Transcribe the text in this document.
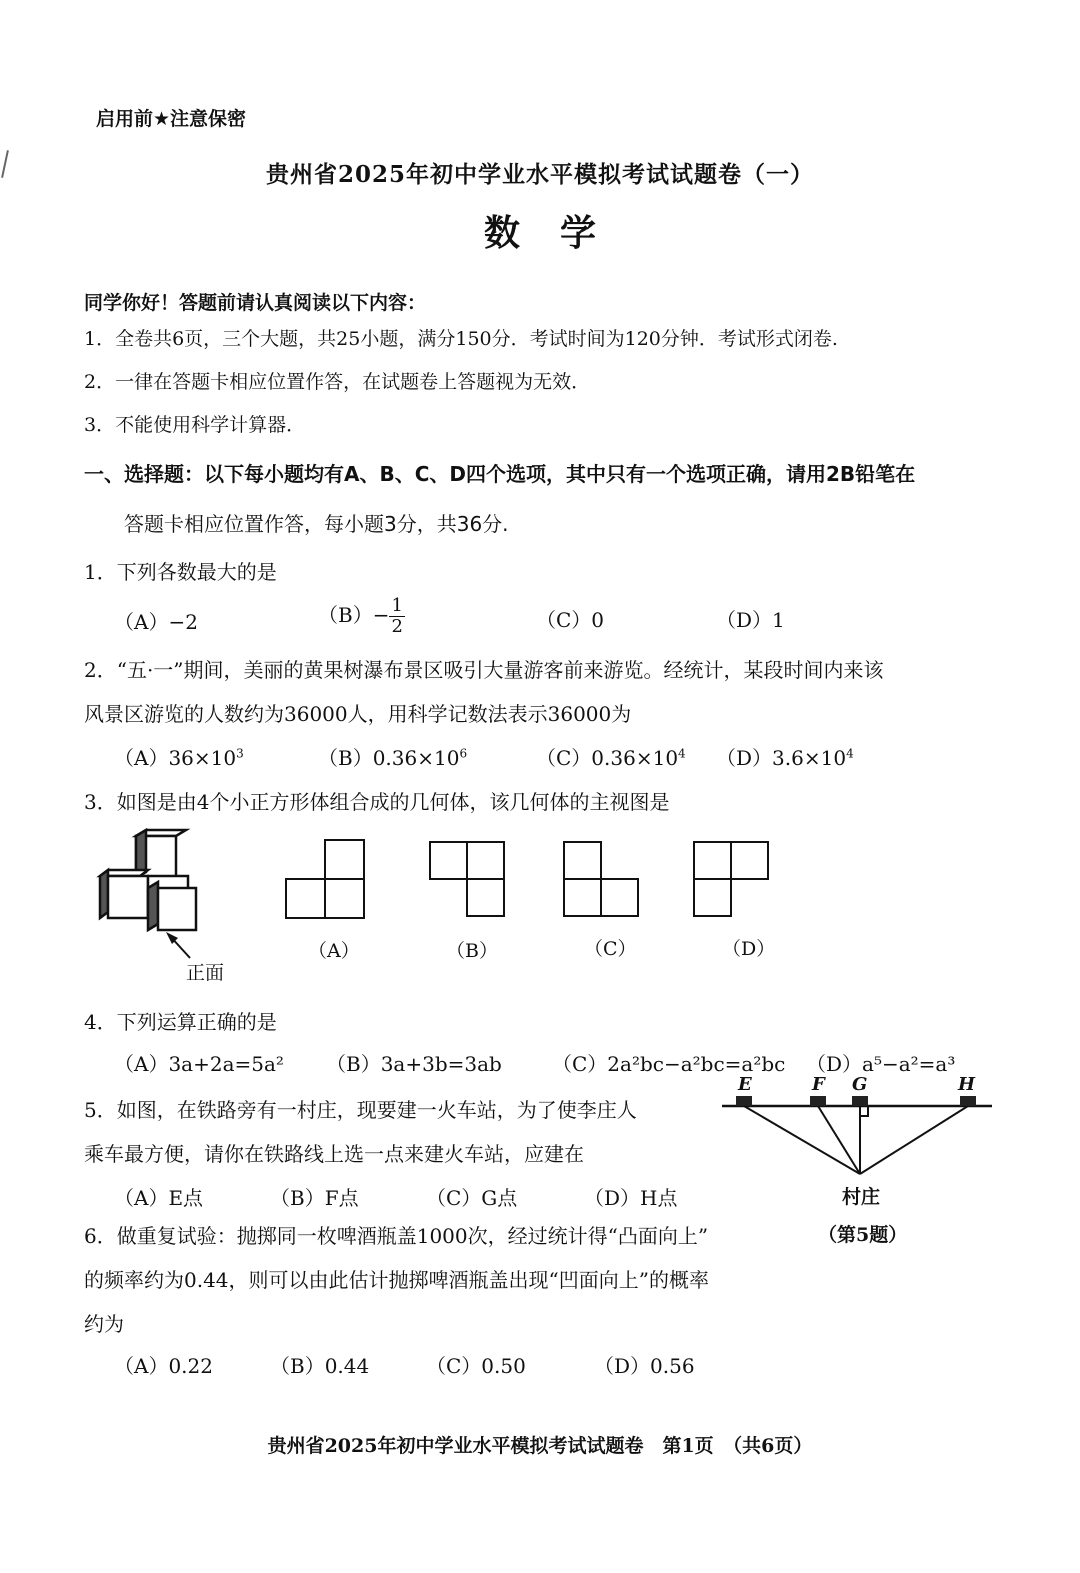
启用前★注意保密
贵州省2025年初中学业水平模拟考试试题卷（一）
数学
同学你好！答题前请认真阅读以下内容：
1．全卷共6页，三个大题，共25小题，满分150分．考试时间为120分钟．考试形式闭卷.
2．一律在答题卡相应位置作答，在试题卷上答题视为无效．
3．不能使用科学计算器．
一、选择题：以下每小题均有A、B、C、D四个选项，其中只有一个选项正确，请用2B铅笔在
答题卡相应位置作答，每小题3分，共36分.
1．下列各数最大的是
（A）−2	$(B)- \frac{1}{2}$	（C）0	（D）1
2．“五·一”期间，美丽的黄果树瀑布景区吸引大量游客前来游览。经统计，某段时间内来该
风景区游览的人数约为36000人，用科学记数法表示36000为
$(A)36\times 10^3$	$(B)0.36\times 10^6$	$(C)0.36\times 10^4$ $(D)3.6\times 10^4$
3．如图是由4个小正方形体组合成的几何体，该几何体的主视图是
正面
（A）	（B）	（C）	（D）
4．下列运算正确的是
（A）3a+2a=5a² （B）3a+3b=3ab	（C）2a²bc−a²bc=a²bc （D）a⁵−a²=a³
5．如图，在铁路旁有一村庄，现要建一火车站，为了使李庄人
乘车最方便，请你在铁路线上选一点来建火车站，应建在
（A）E点	（B）F点	（C）G点	（D）H点
E	F G	H
村庄
（第5题）
6．做重复试验：抛掷同一枚啤酒瓶盖1000次，经过统计得“凸面向上”
的频率约为0.44，则可以由此估计抛掷啤酒瓶盖出现“凹面向上”的概率
约为
（A）0.22	（B）0.44	（C）0.50	（D）0.56
贵州省2025年初中学业水平模拟考试试题卷　第1页　（共6页）
